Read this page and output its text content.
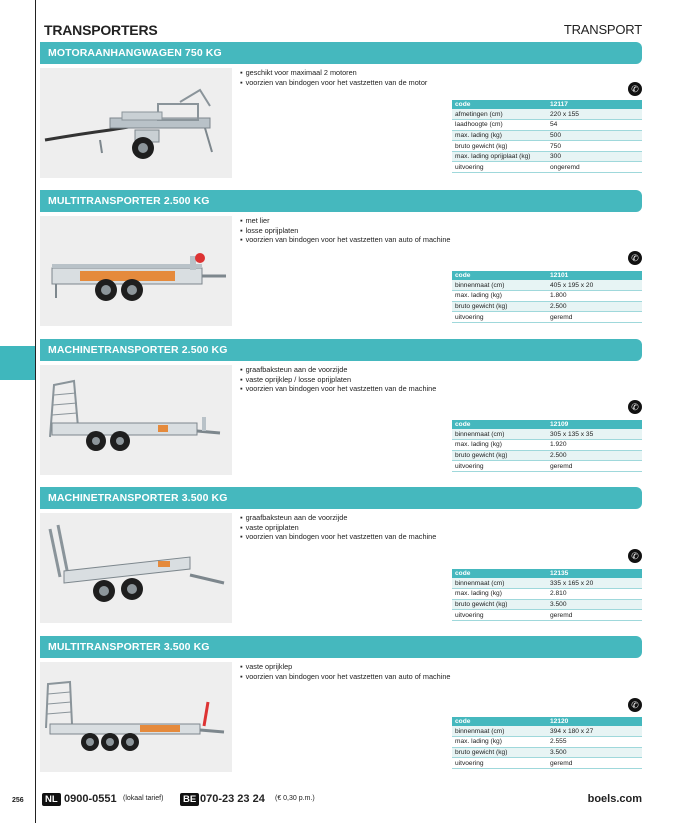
TRANSPORTERS	TRANSPORT
MOTORAANHANGWAGEN 750 KG
▪ geschikt voor maximaal 2 motoren
▪ voorzien van bindogen voor het vastzetten van de motor
✆
code	12117
afmetingen (cm)	220 x 155
laadhoogte (cm)	54
max. lading (kg)	500
bruto gewicht (kg)	750
max. lading oprijplaat (kg)	300
uitvoering	ongeremd
MULTITRANSPORTER 2.500 KG
▪ met lier
▪ losse oprijplaten
▪ voorzien van bindogen voor het vastzetten van auto of machine
✆
code	12101
binnenmaat (cm)	405 x 195 x 20
max. lading (kg)	1.800
bruto gewicht (kg)	2.500
uitvoering	geremd
MACHINETRANSPORTER 2.500 KG
▪ graafbaksteun aan de voorzijde
▪ vaste oprijklep / losse oprijplaten
▪ voorzien van bindogen voor het vastzetten van de machine
✆
code	12109
binnenmaat (cm)	305 x 135 x 35
max. lading (kg)	1.920
bruto gewicht (kg)	2.500
uitvoering	geremd
MACHINETRANSPORTER 3.500 KG
▪ graafbaksteun aan de voorzijde
▪ vaste oprijplaten
▪ voorzien van bindogen voor het vastzetten van de machine
✆
code	12135
binnenmaat (cm)	335 x 165 x 20
max. lading (kg)	2.810
bruto gewicht (kg)	3.500
uitvoering	geremd
MULTITRANSPORTER 3.500 KG
▪ vaste oprijklep
▪ voorzien van bindogen voor het vastzetten van auto of machine
✆
code	12120
binnenmaat (cm)	394 x 180 x 27
max. lading (kg)	2.555
bruto gewicht (kg)	3.500
uitvoering	geremd
256	NL 0900-0551 (lokaal tarief)	BE 070-23 23 24 (€ 0,30 p.m.)	boels.com
